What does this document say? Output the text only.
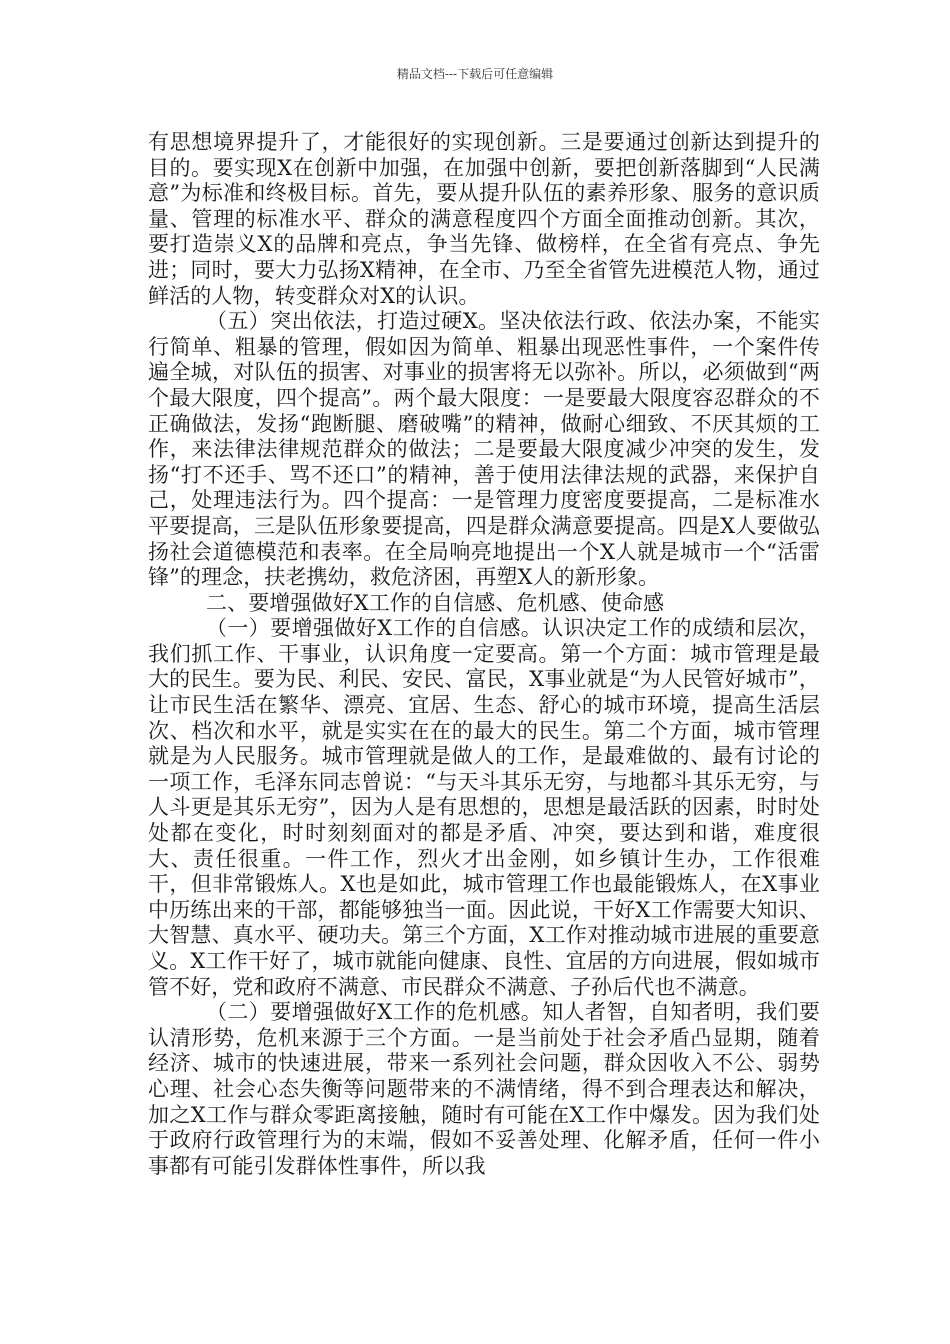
精品文档---下载后可任意编辑

有思想境界提升了，才能很好的实现创新。三是要通过创新达到提升的目的。要实现X在创新中加强，在加强中创新，要把创新落脚到“人民满意”为标准和终极目标。首先，要从提升队伍的素养形象、服务的意识质量、管理的标准水平、群众的满意程度四个方面全面推动创新。其次，要打造崇义X的品牌和亮点，争当先锋、做榜样，在全省有亮点、争先进；同时，要大力弘扬X精神，在全市、乃至全省管先进模范人物，通过鲜活的人物，转变群众对X的认识。

（五）突出依法，打造过硬X。坚决依法行政、依法办案，不能实行简单、粗暴的管理，假如因为简单、粗暴出现恶性事件，一个案件传遍全城，对队伍的损害、对事业的损害将无以弥补。所以，必须做到“两个最大限度，四个提高”。两个最大限度：一是要最大限度容忍群众的不正确做法，发扬“跑断腿、磨破嘴”的精神，做耐心细致、不厌其烦的工作，来法律法律规范群众的做法；二是要最大限度减少冲突的发生，发扬“打不还手、骂不还口”的精神，善于使用法律法规的武器，来保护自己，处理违法行为。四个提高：一是管理力度密度要提高，二是标准水平要提高，三是队伍形象要提高，四是群众满意要提高。四是X人要做弘扬社会道德模范和表率。在全局响亮地提出一个X人就是城市一个“活雷锋”的理念，扶老携幼，救危济困，再塑X人的新形象。

二、要增强做好X工作的自信感、危机感、使命感

（一）要增强做好X工作的自信感。认识决定工作的成绩和层次，我们抓工作、干事业，认识角度一定要高。第一个方面：城市管理是最大的民生。要为民、利民、安民、富民，X事业就是“为人民管好城市”，让市民生活在繁华、漂亮、宜居、生态、舒心的城市环境，提高生活层次、档次和水平，就是实实在在的最大的民生。第二个方面，城市管理就是为人民服务。城市管理就是做人的工作，是最难做的、最有讨论的一项工作，毛泽东同志曾说：“与天斗其乐无穷，与地都斗其乐无穷，与人斗更是其乐无穷”，因为人是有思想的，思想是最活跃的因素，时时处处都在变化，时时刻刻面对的都是矛盾、冲突，要达到和谐，难度很大、责任很重。一件工作，烈火才出金刚，如乡镇计生办，工作很难干，但非常锻炼人。X也是如此，城市管理工作也最能锻炼人，在X事业中历练出来的干部，都能够独当一面。因此说，干好X工作需要大知识、大智慧、真水平、硬功夫。第三个方面，X工作对推动城市进展的重要意义。X工作干好了，城市就能向健康、良性、宜居的方向进展，假如城市管不好，党和政府不满意、市民群众不满意、子孙后代也不满意。

（二）要增强做好X工作的危机感。知人者智，自知者明，我们要认清形势，危机来源于三个方面。一是当前处于社会矛盾凸显期，随着经济、城市的快速进展，带来一系列社会问题，群众因收入不公、弱势心理、社会心态失衡等问题带来的不满情绪，得不到合理表达和解决，加之X工作与群众零距离接触，随时有可能在X工作中爆发。因为我们处于政府行政管理行为的末端，假如不妥善处理、化解矛盾，任何一件小事都有可能引发群体性事件，所以我
